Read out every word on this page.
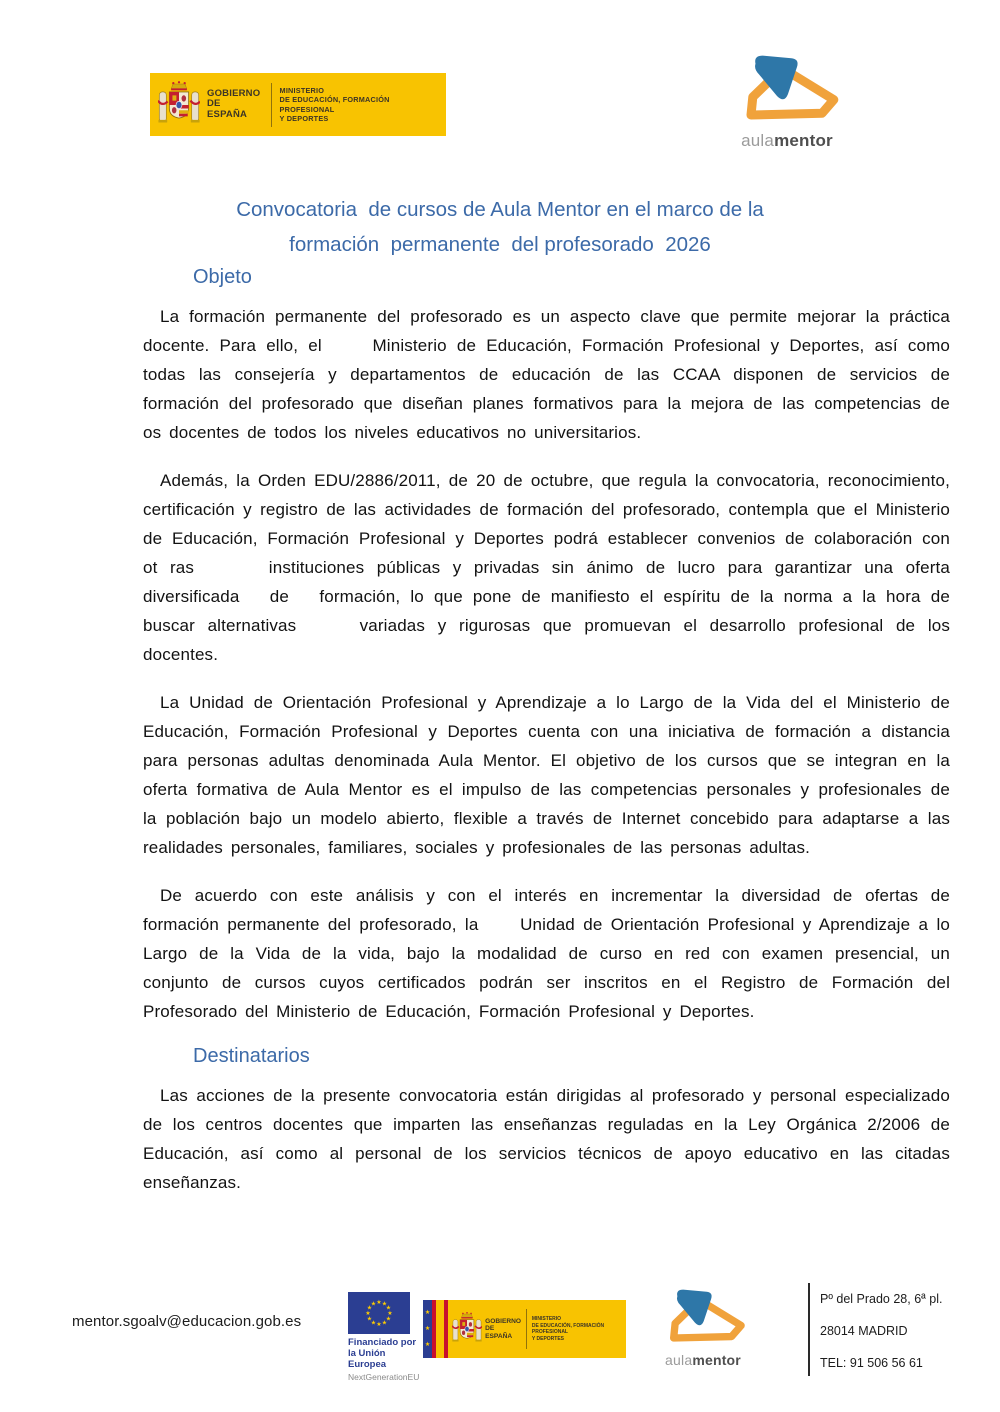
GOBIERNO
DE ESPAÑA
MINISTERIO
DE EDUCACIÓN, FORMACIÓN PROFESIONAL
Y DEPORTES
aulamentor
Convocatoria  de cursos de Aula Mentor en el marco de la
formación  permanente  del profesorado  2026
Objeto

La formación permanente del profesorado es un aspecto clave que permite mejorar la práctica docente. Para ello, el     Ministerio de Educación, Formación Profesional y Deportes, así como todas las consejería y departamentos de educación de las CCAA disponen de servicios de formación del profesorado que diseñan planes formativos para la mejora de las competencias de os docentes de todos los niveles educativos no universitarios.

Además, la Orden EDU/2886/2011, de 20 de octubre, que regula la convocatoria, reconocimiento, certificación y registro de las actividades de formación del profesorado, contempla que el Ministerio de Educación, Formación Profesional y Deportes podrá establecer convenios de colaboración con ot ras      instituciones públicas y privadas sin ánimo de lucro para garantizar una oferta diversificada   de   formación, lo que pone de manifiesto el espíritu de la norma a la hora de buscar alternativas     variadas y rigurosas que promuevan el desarrollo profesional de los docentes.

La Unidad de Orientación Profesional y Aprendizaje a lo Largo de la Vida del el Ministerio de Educación, Formación Profesional y Deportes cuenta con una iniciativa de formación a distancia para personas adultas denominada Aula Mentor. El objetivo de los cursos que se integran en la oferta formativa de Aula Mentor es el impulso de las competencias personales y profesionales de la población bajo un modelo abierto, flexible a través de Internet concebido para adaptarse a las realidades personales, familiares, sociales y profesionales de las personas adultas.

De acuerdo con este análisis y con el interés en incrementar la diversidad de ofertas de formación permanente del profesorado, la     Unidad de Orientación Profesional y Aprendizaje a lo Largo de la Vida de la vida, bajo la modalidad de curso en red con examen presencial, un conjunto de cursos cuyos certificados podrán ser inscritos en el Registro de Formación del Profesorado del Ministerio de Educación, Formación Profesional y Deportes.

Destinatarios

Las acciones de la presente convocatoria están dirigidas al profesorado y personal especializado de los centros docentes que imparten las enseñanzas reguladas en la Ley Orgánica 2/2006 de Educación, así como al personal de los servicios técnicos de apoyo educativo en las citadas enseñanzas.

mentor.sgoalv@educacion.gob.es
★ ★
★
★
★
★
★
★
★
★
★
★
Financiado por
la Unión Europea
NextGenerationEU
★
★
★
GOBIERNO
DE ESPAÑA
MINISTERIO
DE EDUCACIÓN, FORMACIÓN PROFESIONAL
Y DEPORTES
aulamentor
Pº del Prado 28, 6ª pl.
28014 MADRID
TEL: 91 506 56 61
